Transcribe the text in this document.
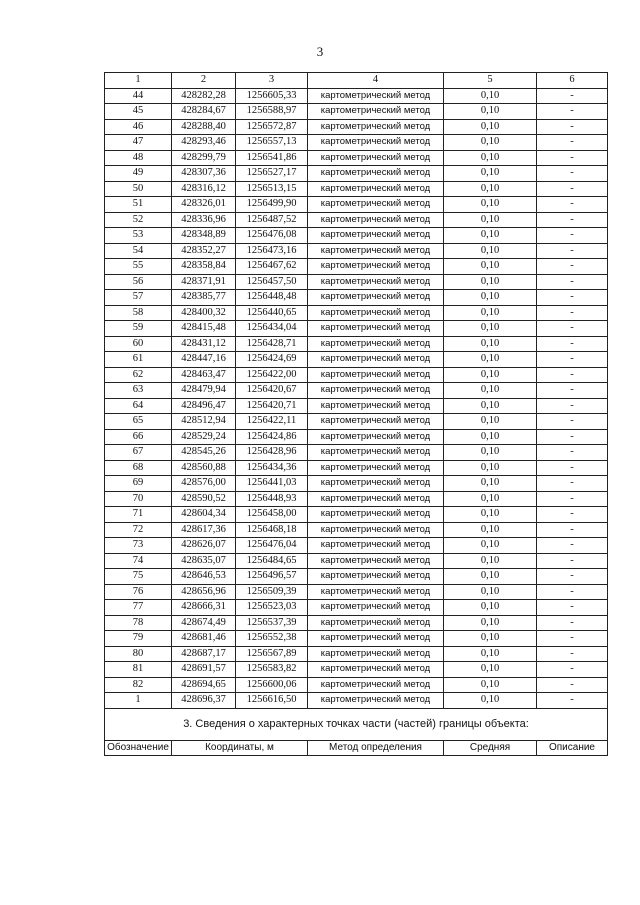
3
1	2	3	4	5	6
44	428282,28	1256605,33	картометрический метод	0,10	-
45	428284,67	1256588,97	картометрический метод	0,10	-
46	428288,40	1256572,87	картометрический метод	0,10	-
47	428293,46	1256557,13	картометрический метод	0,10	-
48	428299,79	1256541,86	картометрический метод	0,10	-
49	428307,36	1256527,17	картометрический метод	0,10	-
50	428316,12	1256513,15	картометрический метод	0,10	-
51	428326,01	1256499,90	картометрический метод	0,10	-
52	428336,96	1256487,52	картометрический метод	0,10	-
53	428348,89	1256476,08	картометрический метод	0,10	-
54	428352,27	1256473,16	картометрический метод	0,10	-
55	428358,84	1256467,62	картометрический метод	0,10	-
56	428371,91	1256457,50	картометрический метод	0,10	-
57	428385,77	1256448,48	картометрический метод	0,10	-
58	428400,32	1256440,65	картометрический метод	0,10	-
59	428415,48	1256434,04	картометрический метод	0,10	-
60	428431,12	1256428,71	картометрический метод	0,10	-
61	428447,16	1256424,69	картометрический метод	0,10	-
62	428463,47	1256422,00	картометрический метод	0,10	-
63	428479,94	1256420,67	картометрический метод	0,10	-
64	428496,47	1256420,71	картометрический метод	0,10	-
65	428512,94	1256422,11	картометрический метод	0,10	-
66	428529,24	1256424,86	картометрический метод	0,10	-
67	428545,26	1256428,96	картометрический метод	0,10	-
68	428560,88	1256434,36	картометрический метод	0,10	-
69	428576,00	1256441,03	картометрический метод	0,10	-
70	428590,52	1256448,93	картометрический метод	0,10	-
71	428604,34	1256458,00	картометрический метод	0,10	-
72	428617,36	1256468,18	картометрический метод	0,10	-
73	428626,07	1256476,04	картометрический метод	0,10	-
74	428635,07	1256484,65	картометрический метод	0,10	-
75	428646,53	1256496,57	картометрический метод	0,10	-
76	428656,96	1256509,39	картометрический метод	0,10	-
77	428666,31	1256523,03	картометрический метод	0,10	-
78	428674,49	1256537,39	картометрический метод	0,10	-
79	428681,46	1256552,38	картометрический метод	0,10	-
80	428687,17	1256567,89	картометрический метод	0,10	-
81	428691,57	1256583,82	картометрический метод	0,10	-
82	428694,65	1256600,06	картометрический метод	0,10	-
1	428696,37	1256616,50	картометрический метод	0,10	-
3. Сведения о характерных точках части (частей) границы объекта:					
Обозначение	Координаты, м		Метод определения	Средняя	Описание
